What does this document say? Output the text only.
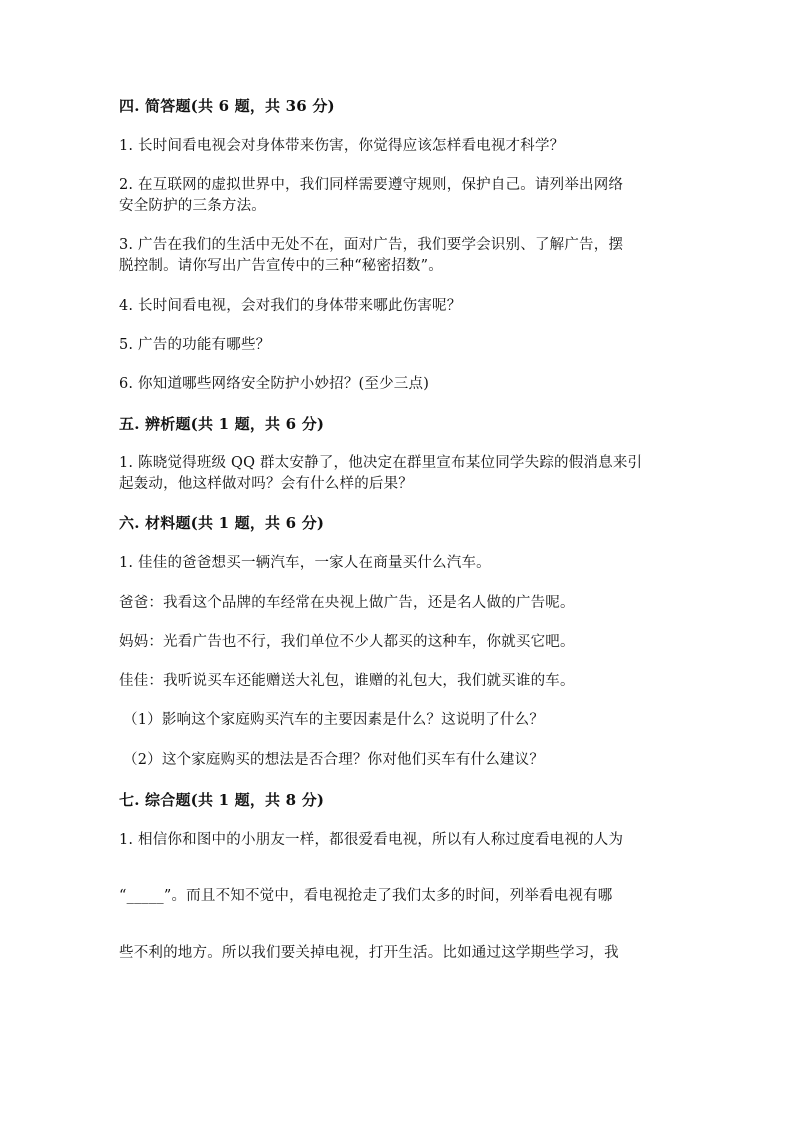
四. 简答题(共 6 题，共 36 分)
1. 长时间看电视会对身体带来伤害，你觉得应该怎样看电视才科学？
2. 在互联网的虚拟世界中，我们同样需要遵守规则，保护自己。请列举出网络
安全防护的三条方法。
3. 广告在我们的生活中无处不在，面对广告，我们要学会识别、了解广告，摆
脱控制。请你写出广告宣传中的三种“秘密招数”。
4. 长时间看电视，会对我们的身体带来哪此伤害呢？
5. 广告的功能有哪些？
6. 你知道哪些网络安全防护小妙招？(至少三点)
五. 辨析题(共 1 题，共 6 分)
1. 陈晓觉得班级 QQ 群太安静了，他决定在群里宣布某位同学失踪的假消息来引
起轰动，他这样做对吗？会有什么样的后果？
六. 材料题(共 1 题，共 6 分)
1. 佳佳的爸爸想买一辆汽车，一家人在商量买什么汽车。
爸爸：我看这个品牌的车经常在央视上做广告，还是名人做的广告呢。
妈妈：光看广告也不行，我们单位不少人都买的这种车，你就买它吧。
佳佳：我听说买车还能赠送大礼包，谁赠的礼包大，我们就买谁的车。
（1）影响这个家庭购买汽车的主要因素是什么？这说明了什么？
（2）这个家庭购买的想法是否合理？你对他们买车有什么建议？
七. 综合题(共 1 题，共 8 分)
1. 相信你和图中的小朋友一样，都很爱看电视，所以有人称过度看电视的人为
“_____”。而且不知不觉中，看电视抢走了我们太多的时间，列举看电视有哪
些不利的地方。所以我们要关掉电视，打开生活。比如通过这学期些学习，我
